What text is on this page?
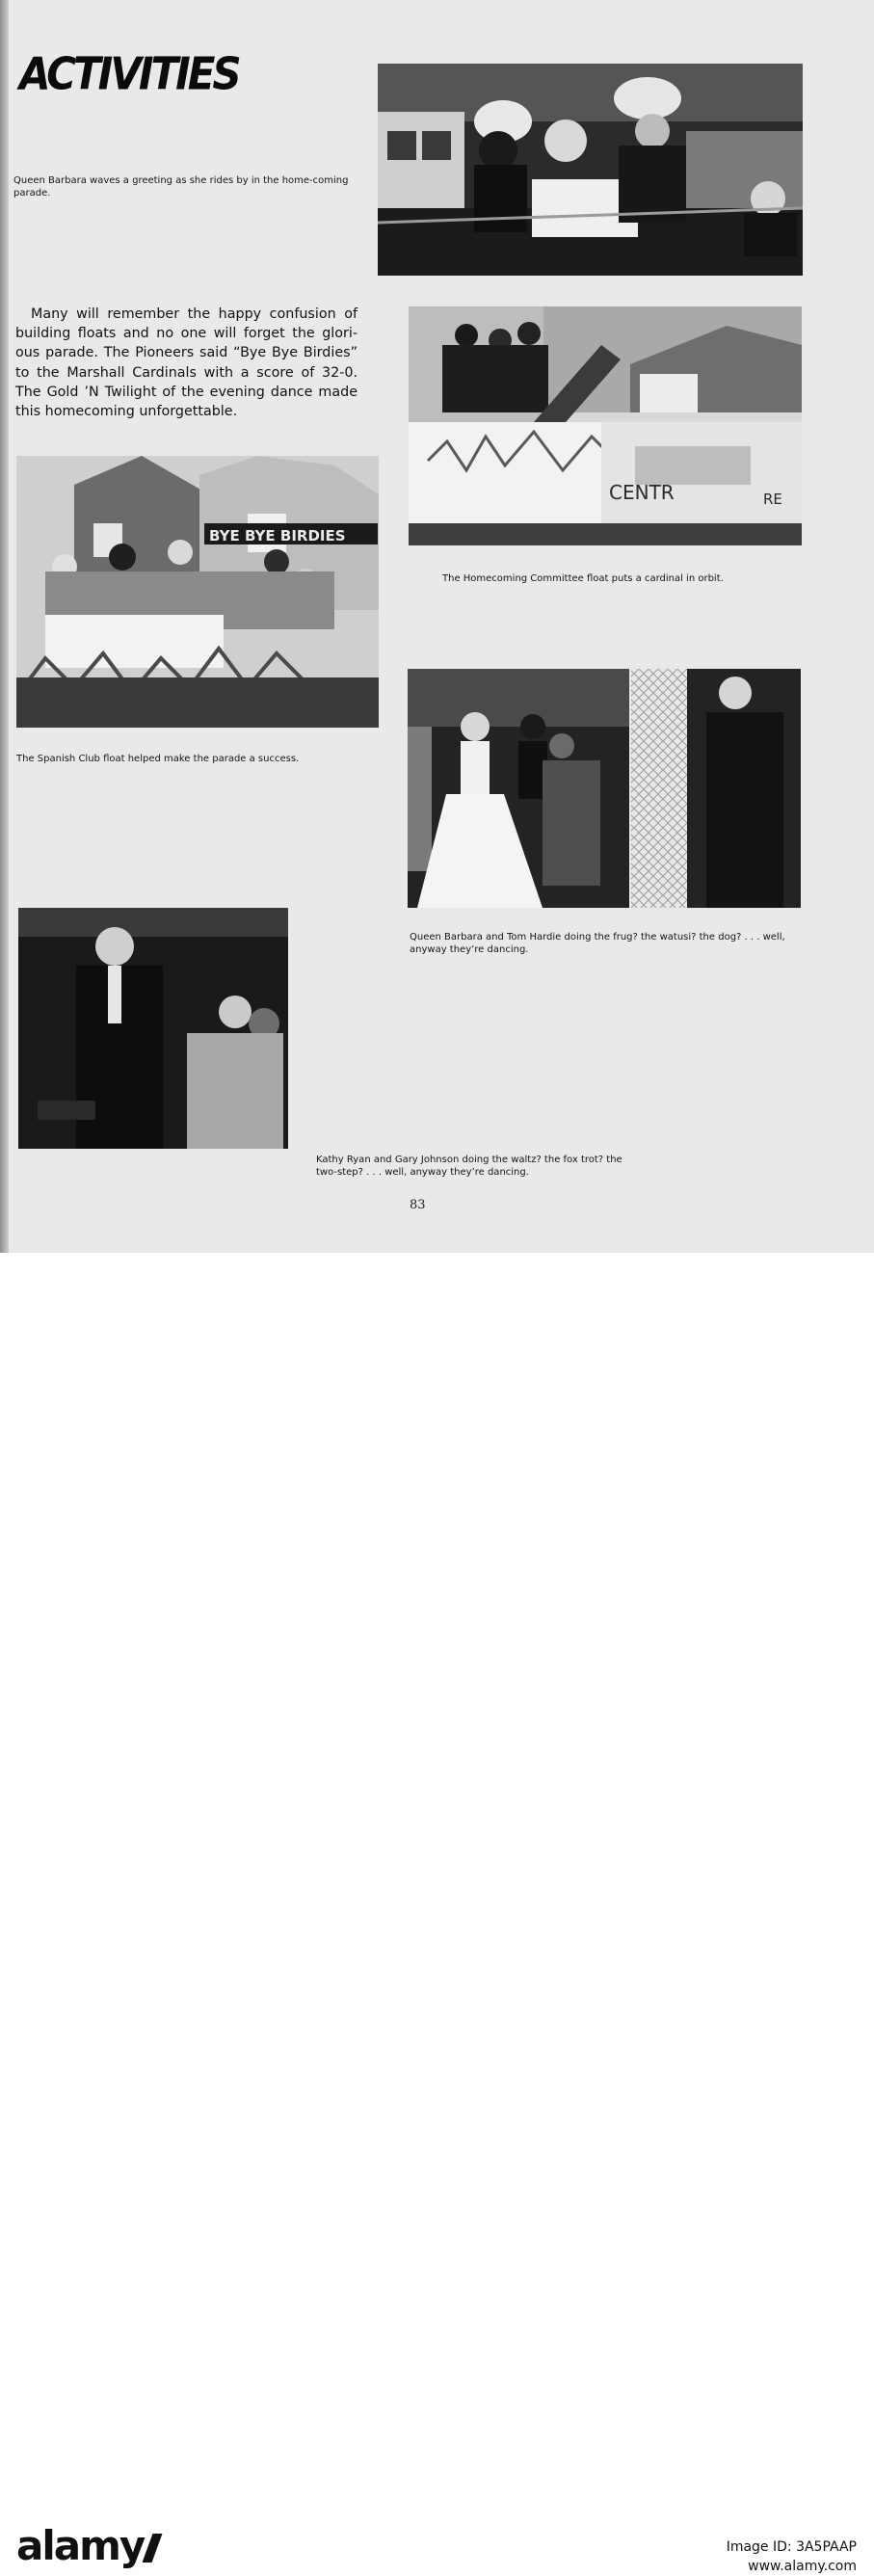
ACTIVITIES
Queen Barbara waves a greeting as she rides by in the home-coming parade.

Many will remember the happy confusion of building floats and no one will forget the glori-ous parade. The Pioneers said “Bye Bye Birdies” to the Marshall Cardinals with a score of 32-0. The Gold ’N Twilight of the evening dance made this homecoming unforgettable.

CENTR	RE
The Homecoming Committee float puts a cardinal in orbit.
BYE BYE BIRDIES
The Spanish Club float helped make the parade a success.
Queen Barbara and Tom Hardie doing the frug? the watusi? the dog? . . . well, anyway they’re dancing.
Kathy Ryan and Gary Johnson doing the waltz? the fox trot? the two-step? . . . well, anyway they’re dancing.
83
alamy	Image ID: 3A5PAAP
www.alamy.com
